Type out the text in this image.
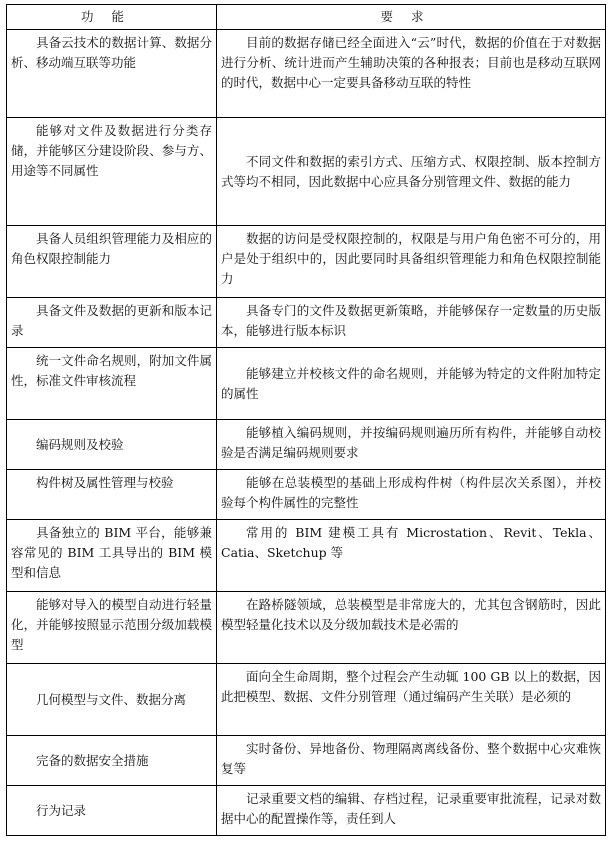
功能	要求
具备云技术的数据计算、数据分析、移动端互联等功能	目前的数据存储已经全面进入“云”时代，数据的价值在于对数据进行分析、统计进而产生辅助决策的各种报表；目前也是移动互联网的时代，数据中心一定要具备移动互联的特性
能够对文件及数据进行分类存储，并能够区分建设阶段、参与方、用途等不同属性	不同文件和数据的索引方式、压缩方式、权限控制、版本控制方式等均不相同，因此数据中心应具备分别管理文件、数据的能力
具备人员组织管理能力及相应的角色权限控制能力	数据的访问是受权限控制的，权限是与用户角色密不可分的，用户是处于组织中的，因此要同时具备组织管理能力和角色权限控制能力
具备文件及数据的更新和版本记录	具备专门的文件及数据更新策略，并能够保存一定数量的历史版本，能够进行版本标识
统一文件命名规则，附加文件属性，标准文件审核流程	能够建立并校核文件的命名规则，并能够为特定的文件附加特定的属性
编码规则及校验	能够植入编码规则，并按编码规则遍历所有构件，并能够自动校验是否满足编码规则要求
构件树及属性管理与校验	能够在总装模型的基础上形成构件树（构件层次关系图），并校验每个构件属性的完整性
具备独立的 BIM 平台，能够兼容常见的 BIM 工具导出的 BIM 模型和信息	常用的 BIM 建模工具有 Microstation、Revit、Tekla、Catia、Sketchup 等
能够对导入的模型自动进行轻量化，并能够按照显示范围分级加载模型	在路桥隧领域，总装模型是非常庞大的，尤其包含钢筋时，因此模型轻量化技术以及分级加载技术是必需的
几何模型与文件、数据分离	面向全生命周期，整个过程会产生动辄 100 GB 以上的数据，因此把模型、数据、文件分别管理（通过编码产生关联）是必须的
完备的数据安全措施	实时备份、异地备份、物理隔离离线备份、整个数据中心灾难恢复等
行为记录	记录重要文档的编辑、存档过程，记录重要审批流程，记录对数据中心的配置操作等，责任到人
